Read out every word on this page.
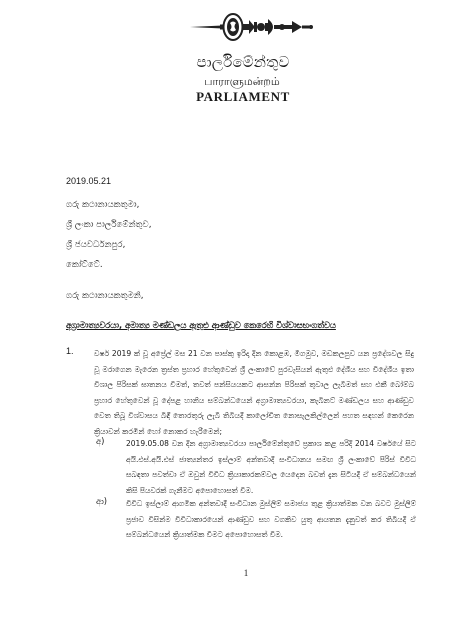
පාර්ලිමේන්තුව
பாராளுமன்றம்
PARLIAMENT
2019.05.21
ගරු කථානායකතුමා,
ශ්‍රී ලංකා පාර්ලිමේන්තුව,
ශ්‍රී ජයවර්ධනපුර,
කෝට්ටේ.
ගරු කථානායකතුමනි,
අග්‍රාමාත්‍යවරයා, අමාත්‍ය මණ්ඩලය ඇතුළු ආණ්ඩුව කෙරෙහි විශ්වාසභංගත්වය
1.	වර්ෂ 2019 ක් වූ අප්‍රේල් මස 21 වන පාස්කු ඉරිදා දින කොළඹ, මීගමුව, මඩකලපුව යන ප්‍රදේශවල සිදු වූ මරාගෙන මැරෙන ත්‍රස්ත ප්‍රහාර හේතුවෙන් ශ්‍රී ලංකාවේ පුරවැසියන් ඇතුළු දේශීය සහ විදේශීය ඉතා විශාල පිරිසක් ඝාතනය වීමත්, තවත් පන්සියයකට ආසන්න පිරිසක් තුවාල ලැබීමත් සහ එකී බෝම්බ ප්‍රහාර හේතුවෙන් වූ දේපළ හානිය සම්බන්ධයෙන් අග්‍රාමාත්‍යවරයා, කැබිනට් මණ්ඩලය සහ ආණ්ඩුව වෙත තිබූ විශ්වාසය බිඳී තොරතුරු ලැබී තිබියදී කාලෝචිත නොසැලකිල්ලෙන් පහත සඳහන් කෙරෙන ක්‍රියාවන් කරමින් හෝ නොකර හැරීමෙන්;
අ)	2019.05.08 වන දින අග්‍රාමාත්‍යවරයා පාර්ලිමේන්තුවේ ප්‍රකාශ කළ පරිදි 2014 වර්ෂයේ සිට අයි.එස්.අයි.එස් ජාත්‍යන්තර ඉස්ලාම් අන්තවාදී සංවිධානය සමඟ ශ්‍රී ලංකාවේ පිරිස් විවිධ සබඳතා පවත්වා ඒ ඔවුන් විවිධ ක්‍රියාකාරකම්වල යෙදෙන බවත් දැන සිටියදී ඒ සම්බන්ධයෙන් කිසි පියවරක් ගැනීමට අපොහොසත් වීම.
ආ)	විවිධ ඉස්ලාම් ආගමික අන්තවාදී සංවිධාන මුස්ලිම් සමාජය තුළ ක්‍රියාත්මක වන බවට මුස්ලිම් ප්‍රජාව විසින්ම විවිධාකාරයෙන් ආණ්ඩුව සහ වගකිව යුතු ආයතන දැනුවත් කර තිබියදී ඒ සම්බන්ධයෙන් ක්‍රියාත්මක වීමට අපොහොසත් වීම.
1
